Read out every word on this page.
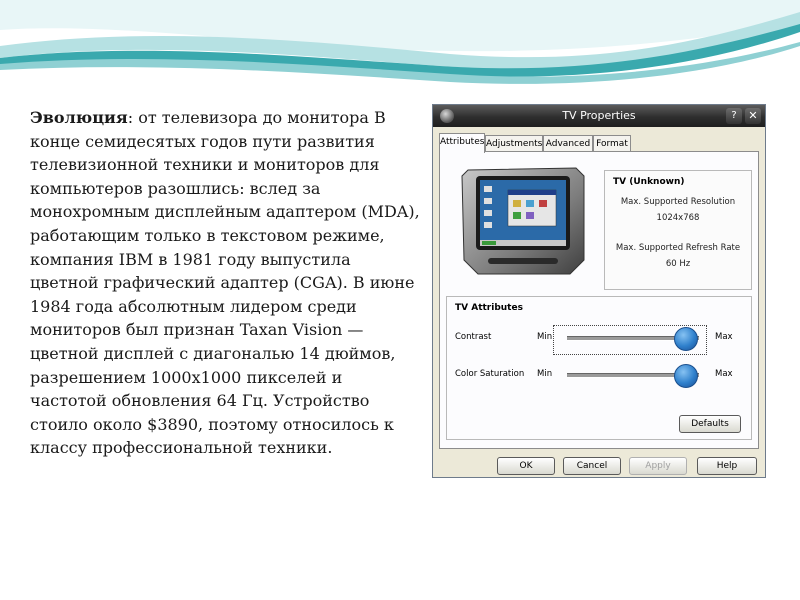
Эволюция: от телевизора до монитора В конце семидесятых годов пути развития телевизионной техники и мониторов для компьютеров разошлись: вслед за монохромным дисплейным адаптером (MDA), работающим только в текстовом режиме, компания IBM в 1981 году выпустила цветной графический адаптер (CGA). В июне 1984 года абсолютным лидером среди мониторов был признан Taxan Vision — цветной дисплей с диагональю 14 дюймов, разрешением 1000х1000 пикселей и частотой обновления 64 Гц. Устройство стоило около $3890, поэтому относилось к классу профессиональной техники.
TV Properties	?	✕
Attributes Adjustments Advanced Format
TV (Unknown)
Max. Supported Resolution
1024x768
Max. Supported Refresh Rate
60 Hz
TV Attributes
Contrast	Min	Max
Color Saturation Min	Max
Defaults
OK	Cancel	Apply	Help
